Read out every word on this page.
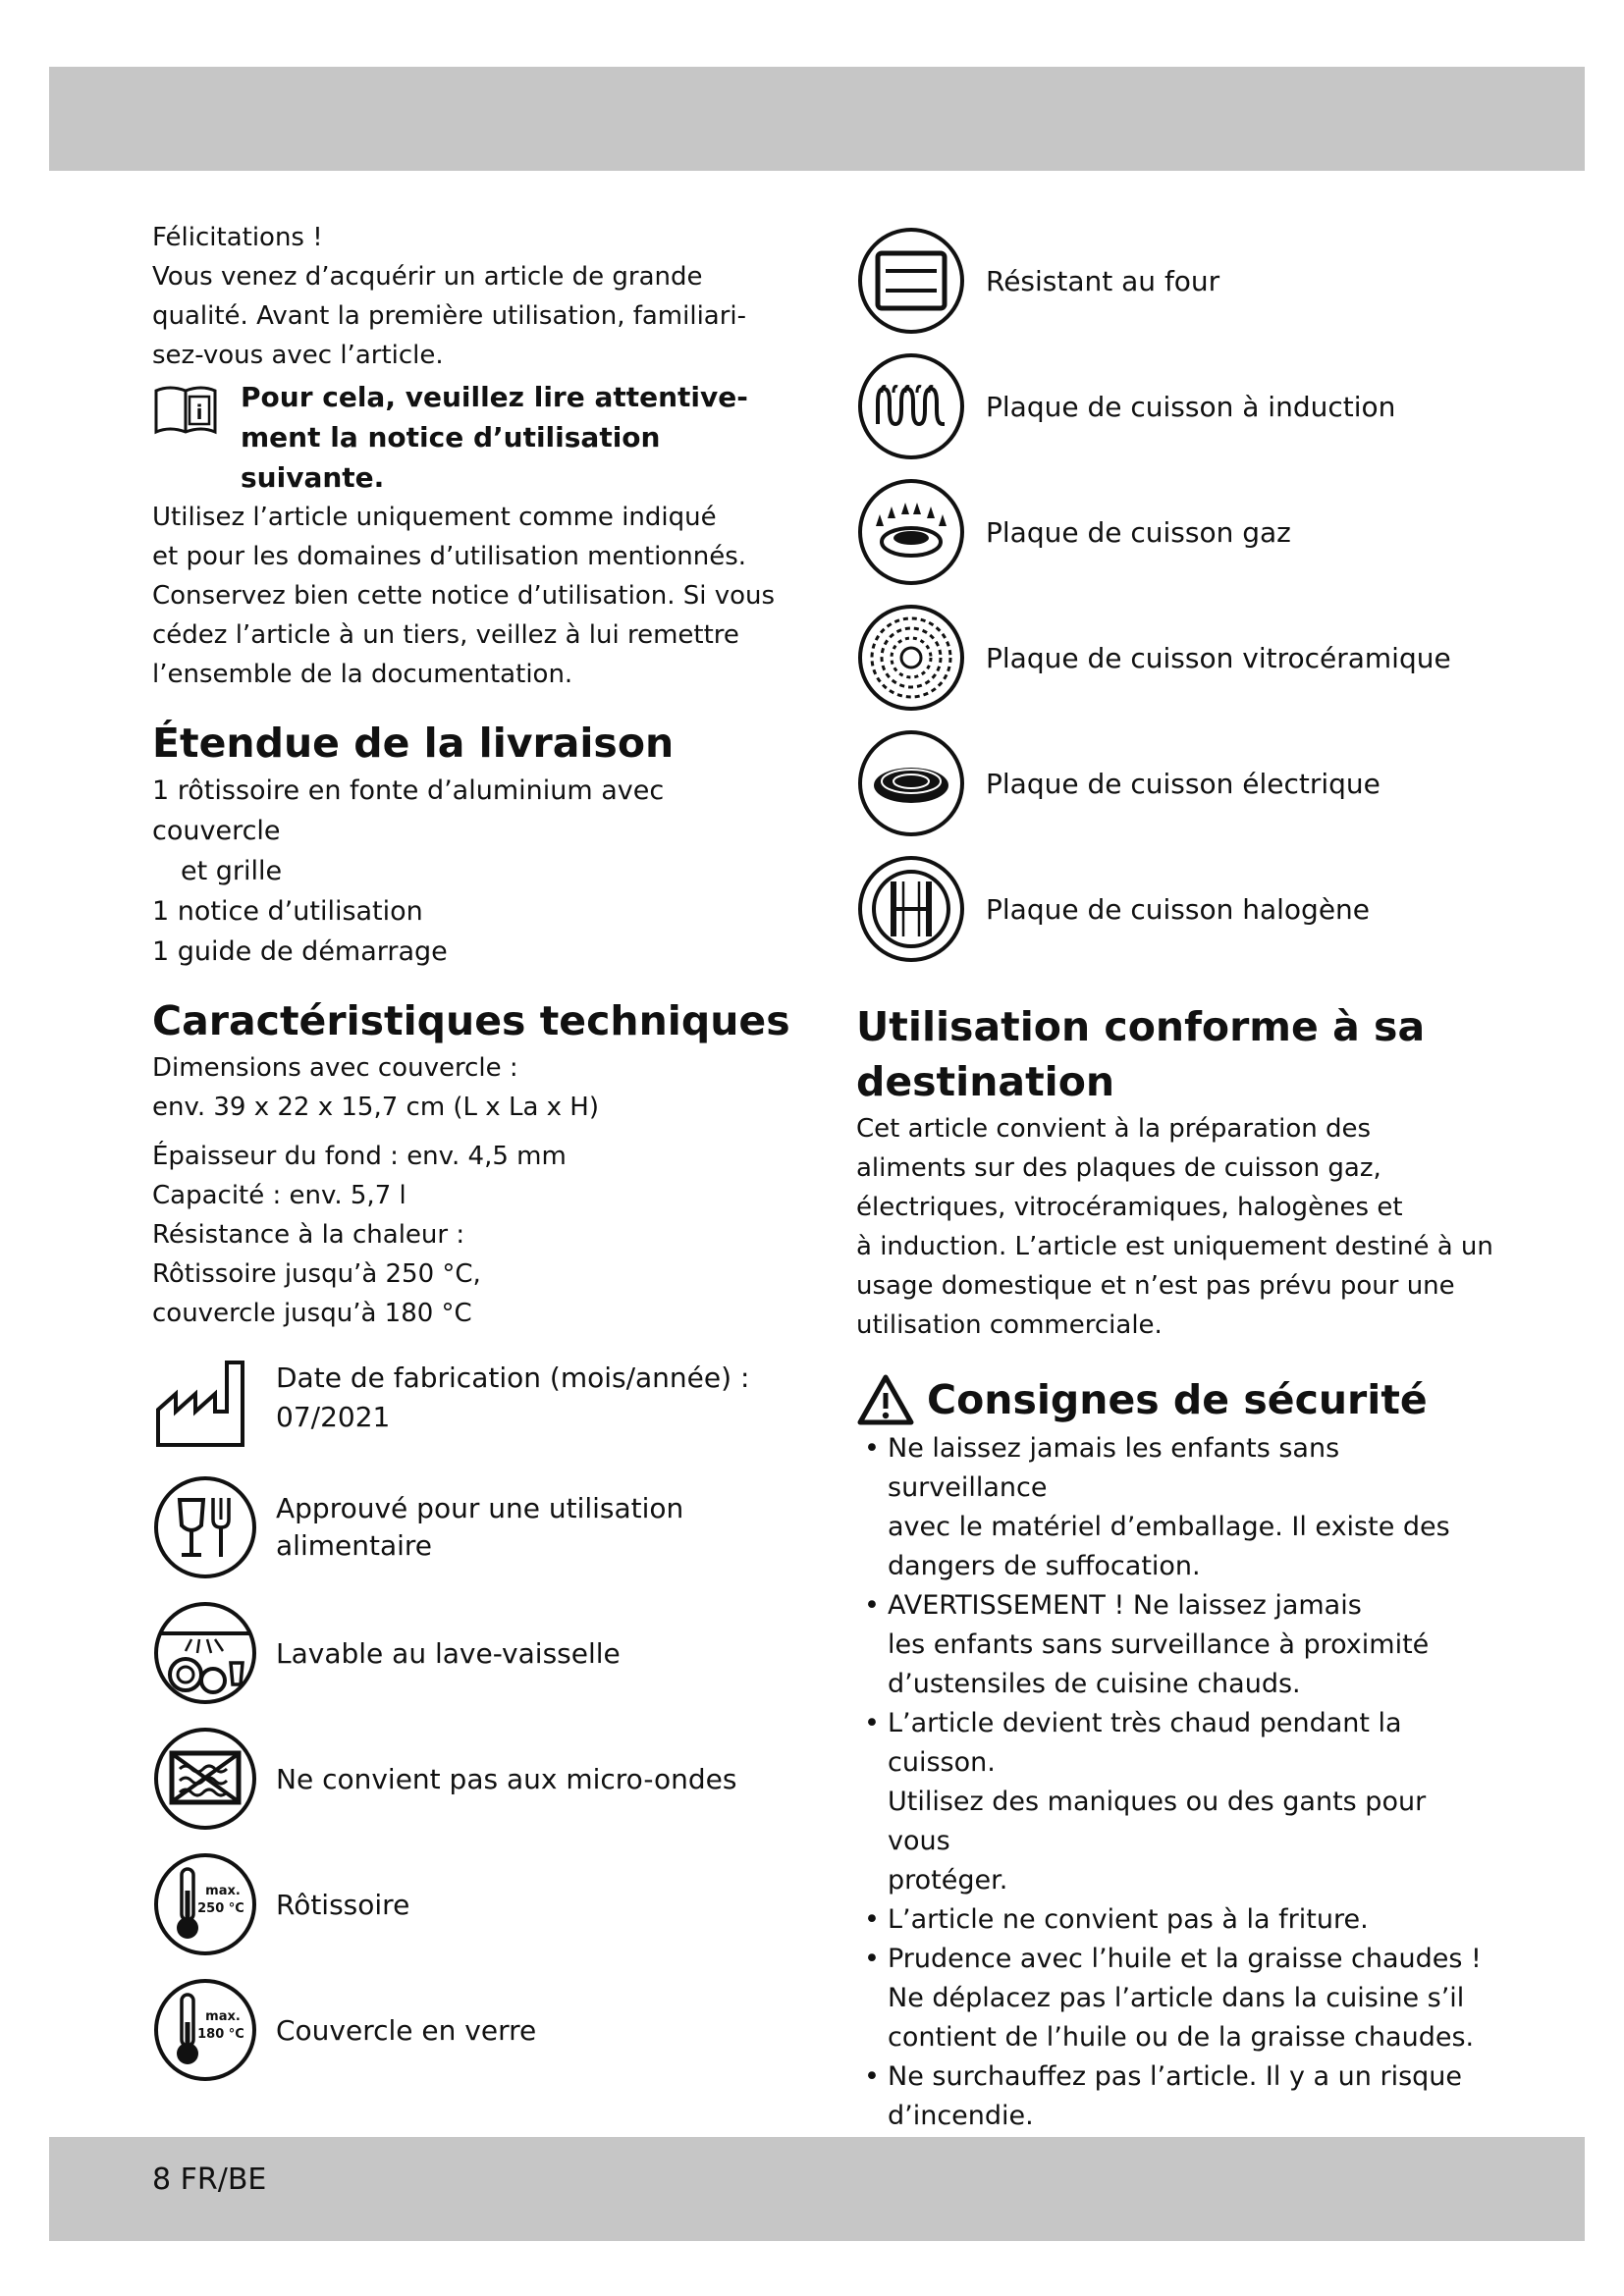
Félicitations !

Vous venez d’acquérir un article de grande

qualité. Avant la première utilisation, familiari-

sez-vous avec l’article.

i Pour cela, veuillez lire attentive-

ment la notice d’utilisation

suivante.

Utilisez l’article uniquement comme indiqué

et pour les domaines d’utilisation mentionnés.

Conservez bien cette notice d’utilisation. Si vous

cédez l’article à un tiers, veillez à lui remettre

l’ensemble de la documentation.

Étendue de la livraison

1 rôtissoire en fonte d’aluminium avec couvercle

et grille

1 notice d’utilisation

1 guide de démarrage

Caractéristiques techniques

Dimensions avec couvercle :

env. 39 x 22 x 15,7 cm (L x La x H)

Épaisseur du fond : env. 4,5 mm

Capacité : env. 5,7 l

Résistance à la chaleur :

Rôtissoire jusqu’à 250 °C,

couvercle jusqu’à 180 °C

Date de fabrication (mois/année) :

07/2021

Approuvé pour une utilisation

alimentaire

Lavable au lave-vaisselle
Ne convient pas aux micro-ondes
max.
250 °C Rôtissoire
max.
180 °C Couvercle en verre
Résistant au four
Plaque de cuisson à induction
Plaque de cuisson gaz
Plaque de cuisson vitrocéramique
Plaque de cuisson électrique
Plaque de cuisson halogène

Utilisation conforme à sa

destination

Cet article convient à la préparation des

aliments sur des plaques de cuisson gaz,

électriques, vitrocéramiques, halogènes et

à induction. L’article est uniquement destiné à un

usage domestique et n’est pas prévu pour une

utilisation commerciale.

Consignes de sécurité

• Ne laissez jamais les enfants sans surveillance

avec le matériel d’emballage. Il existe des

dangers de suffocation.

• AVERTISSEMENT ! Ne laissez jamais

les enfants sans surveillance à proximité

d’ustensiles de cuisine chauds.

• L’article devient très chaud pendant la cuisson.

Utilisez des maniques ou des gants pour vous

protéger.

• L’article ne convient pas à la friture.

• Prudence avec l’huile et la graisse chaudes !

Ne déplacez pas l’article dans la cuisine s’il

contient de l’huile ou de la graisse chaudes.

• Ne surchauffez pas l’article. Il y a un risque

d’incendie.

8 FR/BE
